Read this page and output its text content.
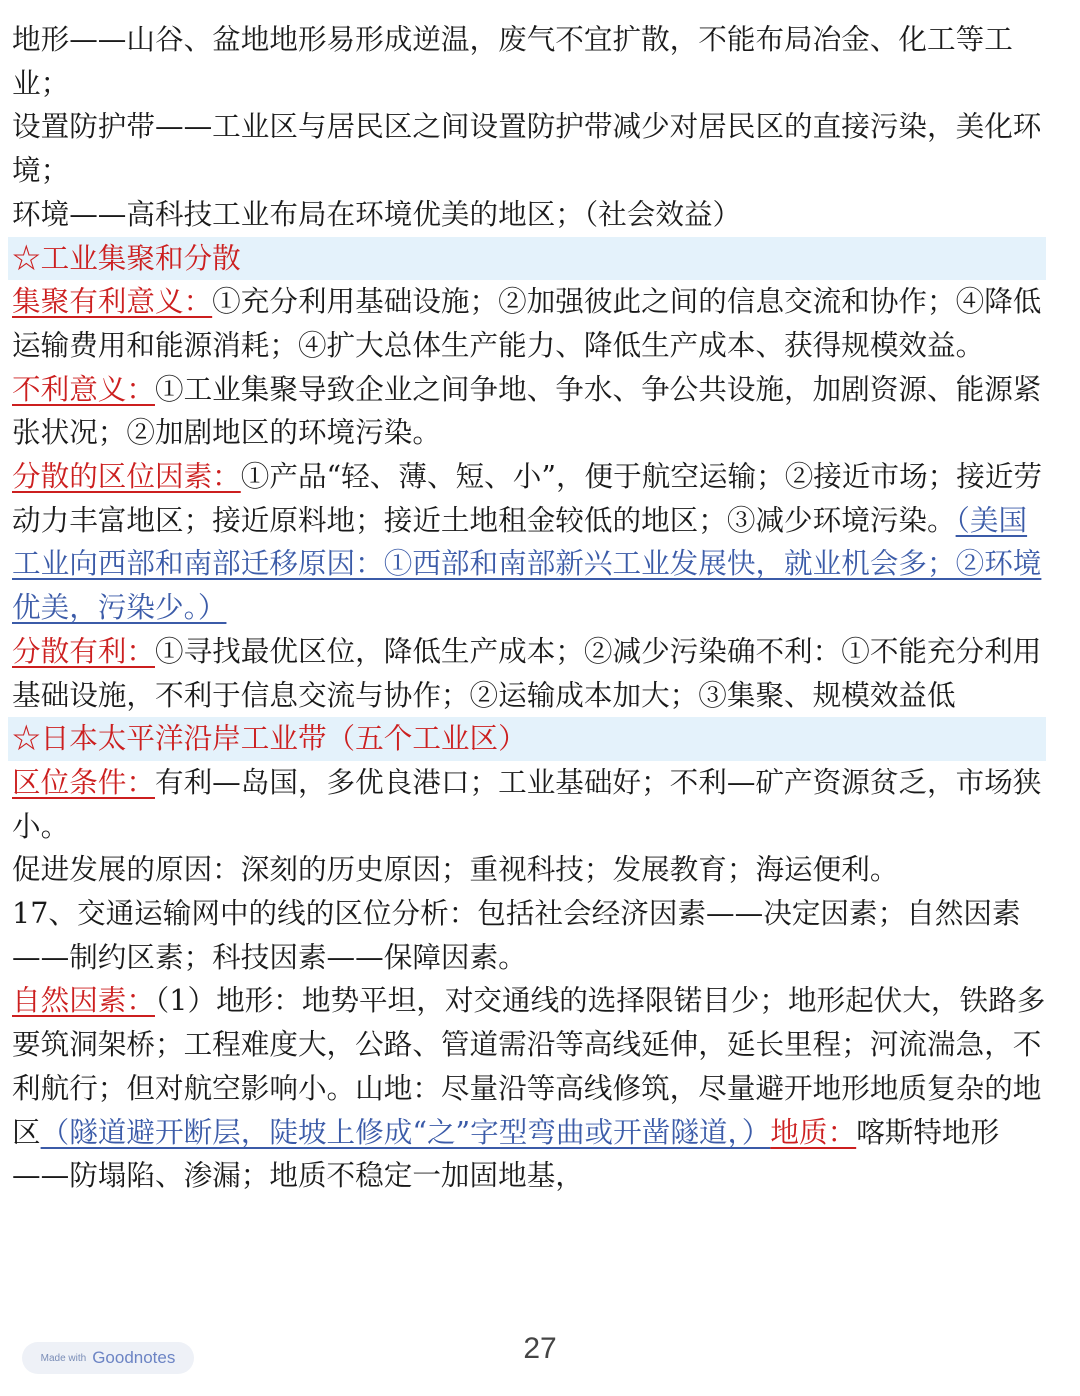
地形——山谷、盆地地形易形成逆温，废气不宜扩散，不能布局冶金、化工等工业；

设置防护带——工业区与居民区之间设置防护带减少对居民区的直接污染，美化环境；

环境——高科技工业布局在环境优美的地区；（社会效益）

☆工业集聚和分散

集聚有利意义：①充分利用基础设施；②加强彼此之间的信息交流和协作；④降低运输费用和能源消耗；④扩大总体生产能力、降低生产成本、获得规模效益。

不利意义：①工业集聚导致企业之间争地、争水、争公共设施，加剧资源、能源紧张状况；②加剧地区的环境污染。

分散的区位因素：①产品“轻、薄、短、小”，便于航空运输；②接近市场；接近劳动力丰富地区；接近原料地；接近土地租金较低的地区；③减少环境污染。（美国工业向西部和南部迁移原因：①西部和南部新兴工业发展快，就业机会多；②环境优美，污染少。）

分散有利：①寻找最优区位，降低生产成本；②减少污染确不利：①不能充分利用基础设施，不利于信息交流与协作；②运输成本加大；③集聚、规模效益低

☆日本太平洋沿岸工业带（五个工业区）

区位条件：有利—岛国，多优良港口；工业基础好；不利—矿产资源贫乏，市场狭小。

促进发展的原因：深刻的历史原因；重视科技；发展教育；海运便利。

17、交通运输网中的线的区位分析：包括社会经济因素——决定因素；自然因素——制约区素；科技因素——保障因素。

自然因素：（1）地形：地势平坦，对交通线的选择限锘目少；地形起伏大，铁路多要筑洞架桥；工程难度大，公路、管道需沿等高线延伸，延长里程；河流湍急，不利航行；但对航空影响小。山地：尽量沿等高线修筑，尽量避开地形地质复杂的地区（隧道避开断层，陡坡上修成“之”字型弯曲或开凿隧道，）地质：喀斯特地形——防塌陷、渗漏；地质不稳定一加固地基，

Made with Goodnotes	27
